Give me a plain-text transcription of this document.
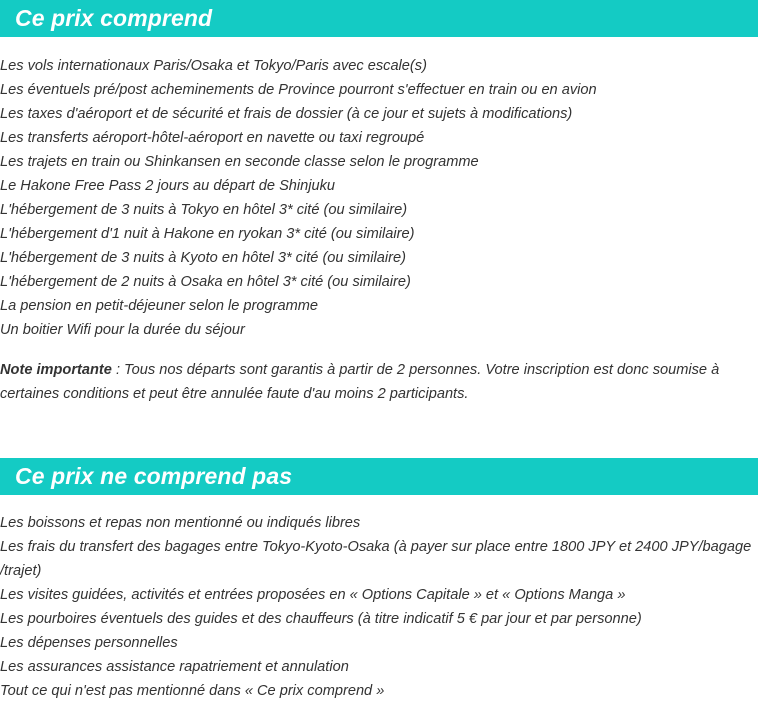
Ce prix comprend
Les vols internationaux Paris/Osaka et Tokyo/Paris avec escale(s)
Les éventuels pré/post acheminements de Province pourront s'effectuer en train ou en avion
Les taxes d'aéroport et de sécurité et frais de dossier (à ce jour et sujets à modifications)
Les transferts aéroport-hôtel-aéroport en navette ou taxi regroupé
Les trajets en train ou Shinkansen en seconde classe selon le programme
Le Hakone Free Pass 2 jours au départ de Shinjuku
L'hébergement de 3 nuits à Tokyo en hôtel 3* cité (ou similaire)
L'hébergement d'1 nuit à Hakone en ryokan 3* cité (ou similaire)
L'hébergement de 3 nuits à Kyoto en hôtel 3* cité (ou similaire)
L'hébergement de 2 nuits à Osaka en hôtel 3* cité (ou similaire)
La pension en petit-déjeuner selon le programme
Un boitier Wifi pour la durée du séjour

Note importante : Tous nos départs sont garantis à partir de 2 personnes. Votre inscription est donc soumise à certaines conditions et peut être annulée faute d'au moins 2 participants.

Ce prix ne comprend pas
Les boissons et repas non mentionné ou indiqués libres
Les frais du transfert des bagages entre Tokyo-Kyoto-Osaka (à payer sur place entre 1800 JPY et 2400 JPY/bagage /trajet)
Les visites guidées, activités et entrées proposées en « Options Capitale » et « Options Manga »
Les pourboires éventuels des guides et des chauffeurs (à titre indicatif 5 € par jour et par personne)
Les dépenses personnelles
Les assurances assistance rapatriement et annulation
Tout ce qui n'est pas mentionné dans « Ce prix comprend »
